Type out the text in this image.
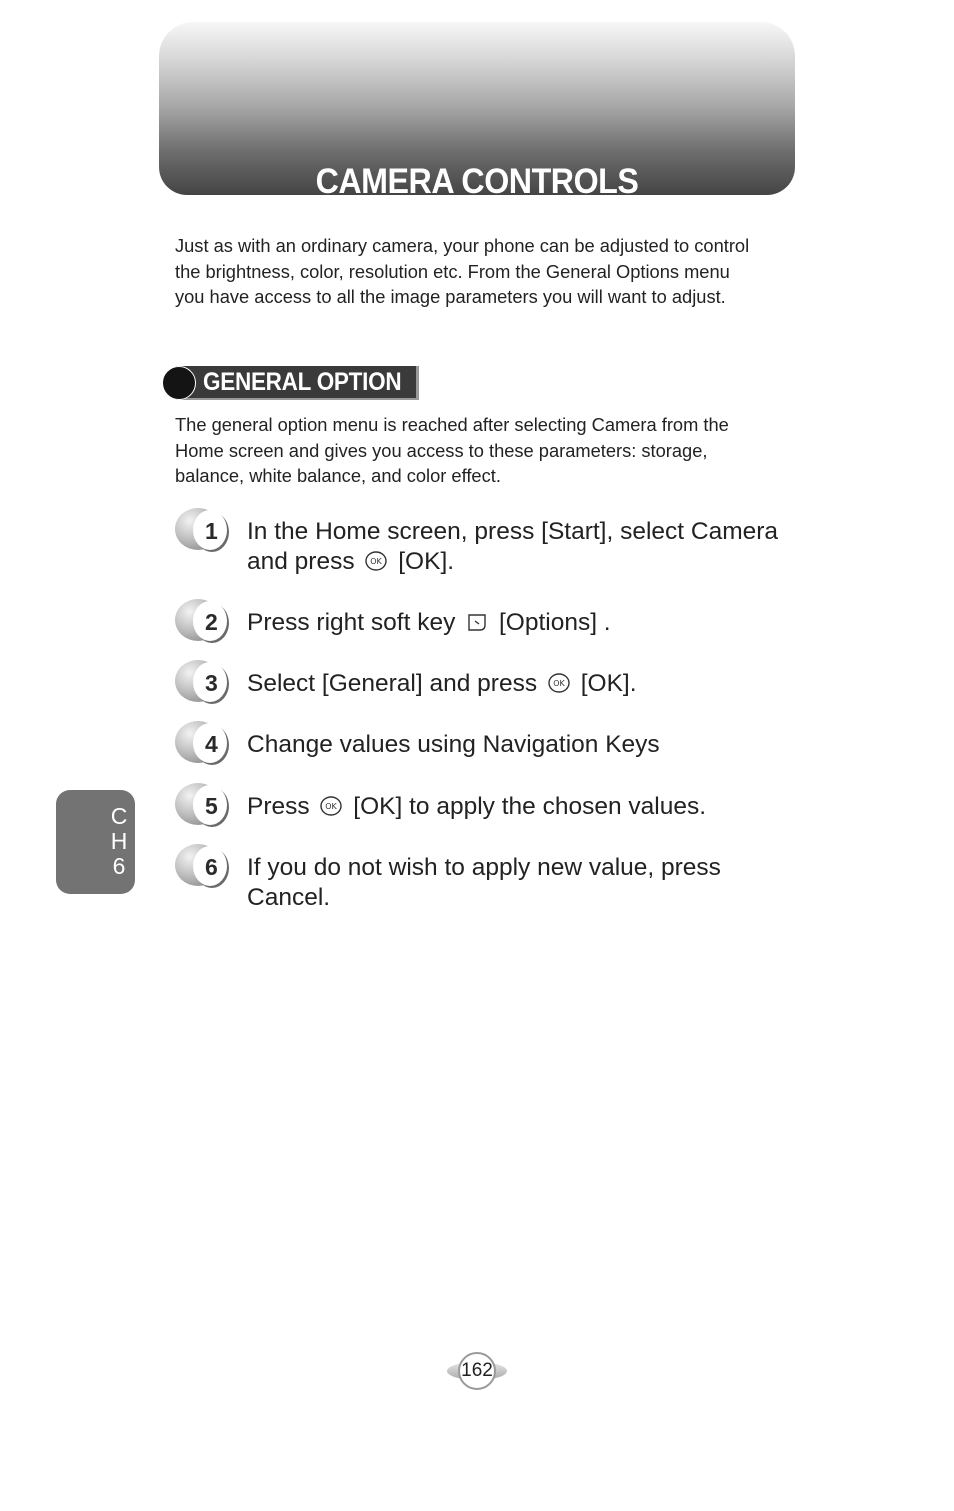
CAMERA CONTROLS
Just as with an ordinary camera, your phone can be adjusted to control
the brightness, color, resolution etc. From the General Options menu
you have access to all the image parameters you will want to adjust.
GENERAL OPTION
The general option menu is reached after selecting Camera from the
Home screen and gives you access to these parameters: storage,
balance, white balance, and color effect.
1 In the Home screen, press [Start], select Camera
and press OK [OK].
2 Press right soft key [Options] .
3 Select [General] and press OK [OK].
4 Change values using Navigation Keys
5 Press OK [OK] to apply the chosen values.
6 If you do not wish to apply new value, press
Cancel.
C
H
6
162
